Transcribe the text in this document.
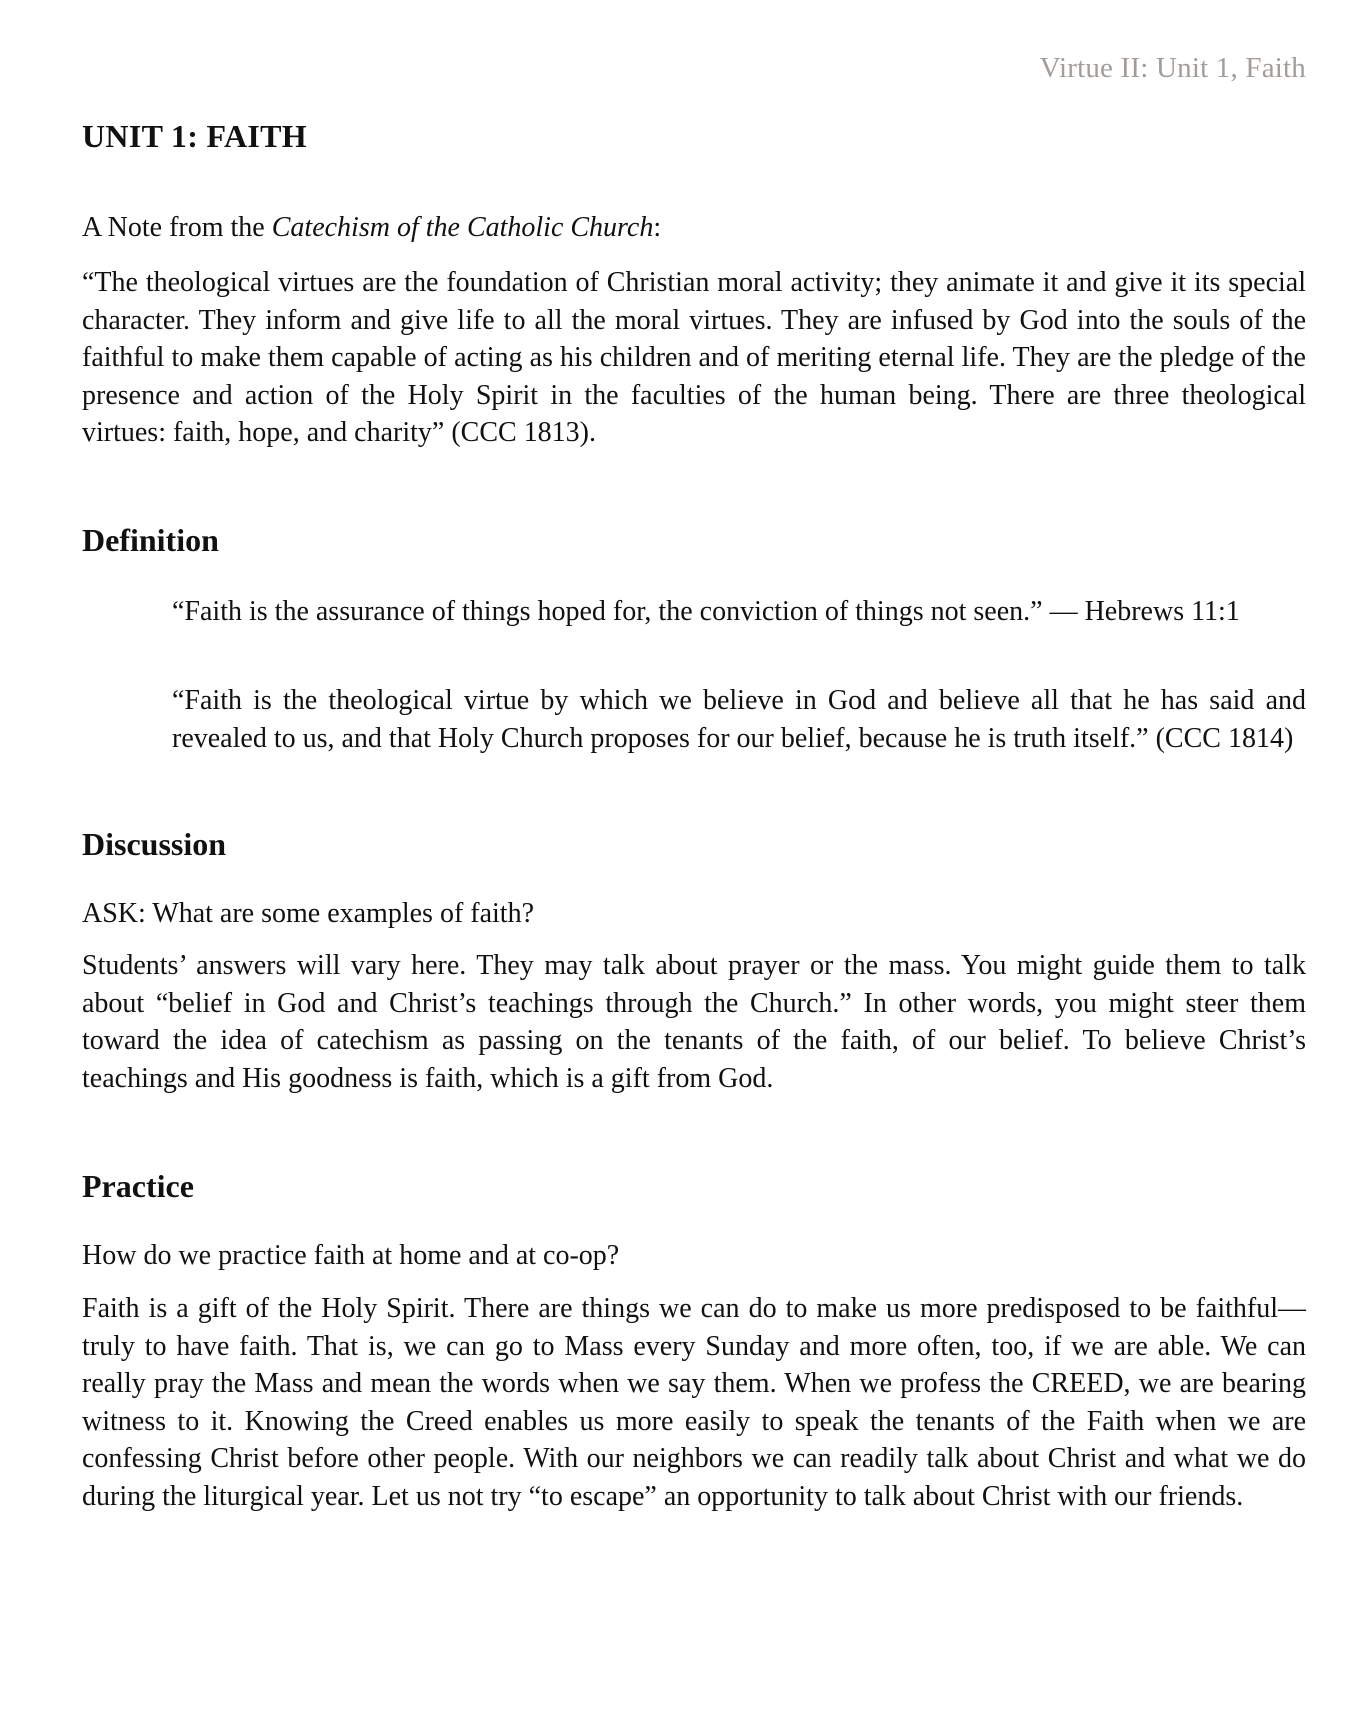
Virtue II: Unit 1, Faith
UNIT 1: FAITH

A Note from the Catechism of the Catholic Church:

“The theological virtues are the foundation of Christian moral activity; they animate it and give it its special character. They inform and give life to all the moral virtues. They are infused by God into the souls of the faithful to make them capable of acting as his children and of meriting eternal life. They are the pledge of the presence and action of the Holy Spirit in the faculties of the human being. There are three theological virtues: faith, hope, and charity” (CCC 1813).

Definition

“Faith is the assurance of things hoped for, the conviction of things not seen.” — Hebrews 11:1

“Faith is the theological virtue by which we believe in God and believe all that he has said and revealed to us, and that Holy Church proposes for our belief, because he is truth itself.” (CCC 1814)

Discussion

ASK: What are some examples of faith?

Students’ answers will vary here. They may talk about prayer or the mass. You might guide them to talk about “belief in God and Christ’s teachings through the Church.” In other words, you might steer them toward the idea of catechism as passing on the tenants of the faith, of our belief. To believe Christ’s teachings and His goodness is faith, which is a gift from God.

Practice

How do we practice faith at home and at co-op?

Faith is a gift of the Holy Spirit. There are things we can do to make us more predisposed to be faithful— truly to have faith. That is, we can go to Mass every Sunday and more often, too, if we are able. We can really pray the Mass and mean the words when we say them. When we profess the CREED, we are bearing witness to it. Knowing the Creed enables us more easily to speak the tenants of the Faith when we are confessing Christ before other people. With our neighbors we can readily talk about Christ and what we do during the liturgical year. Let us not try “to escape” an opportunity to talk about Christ with our friends.
